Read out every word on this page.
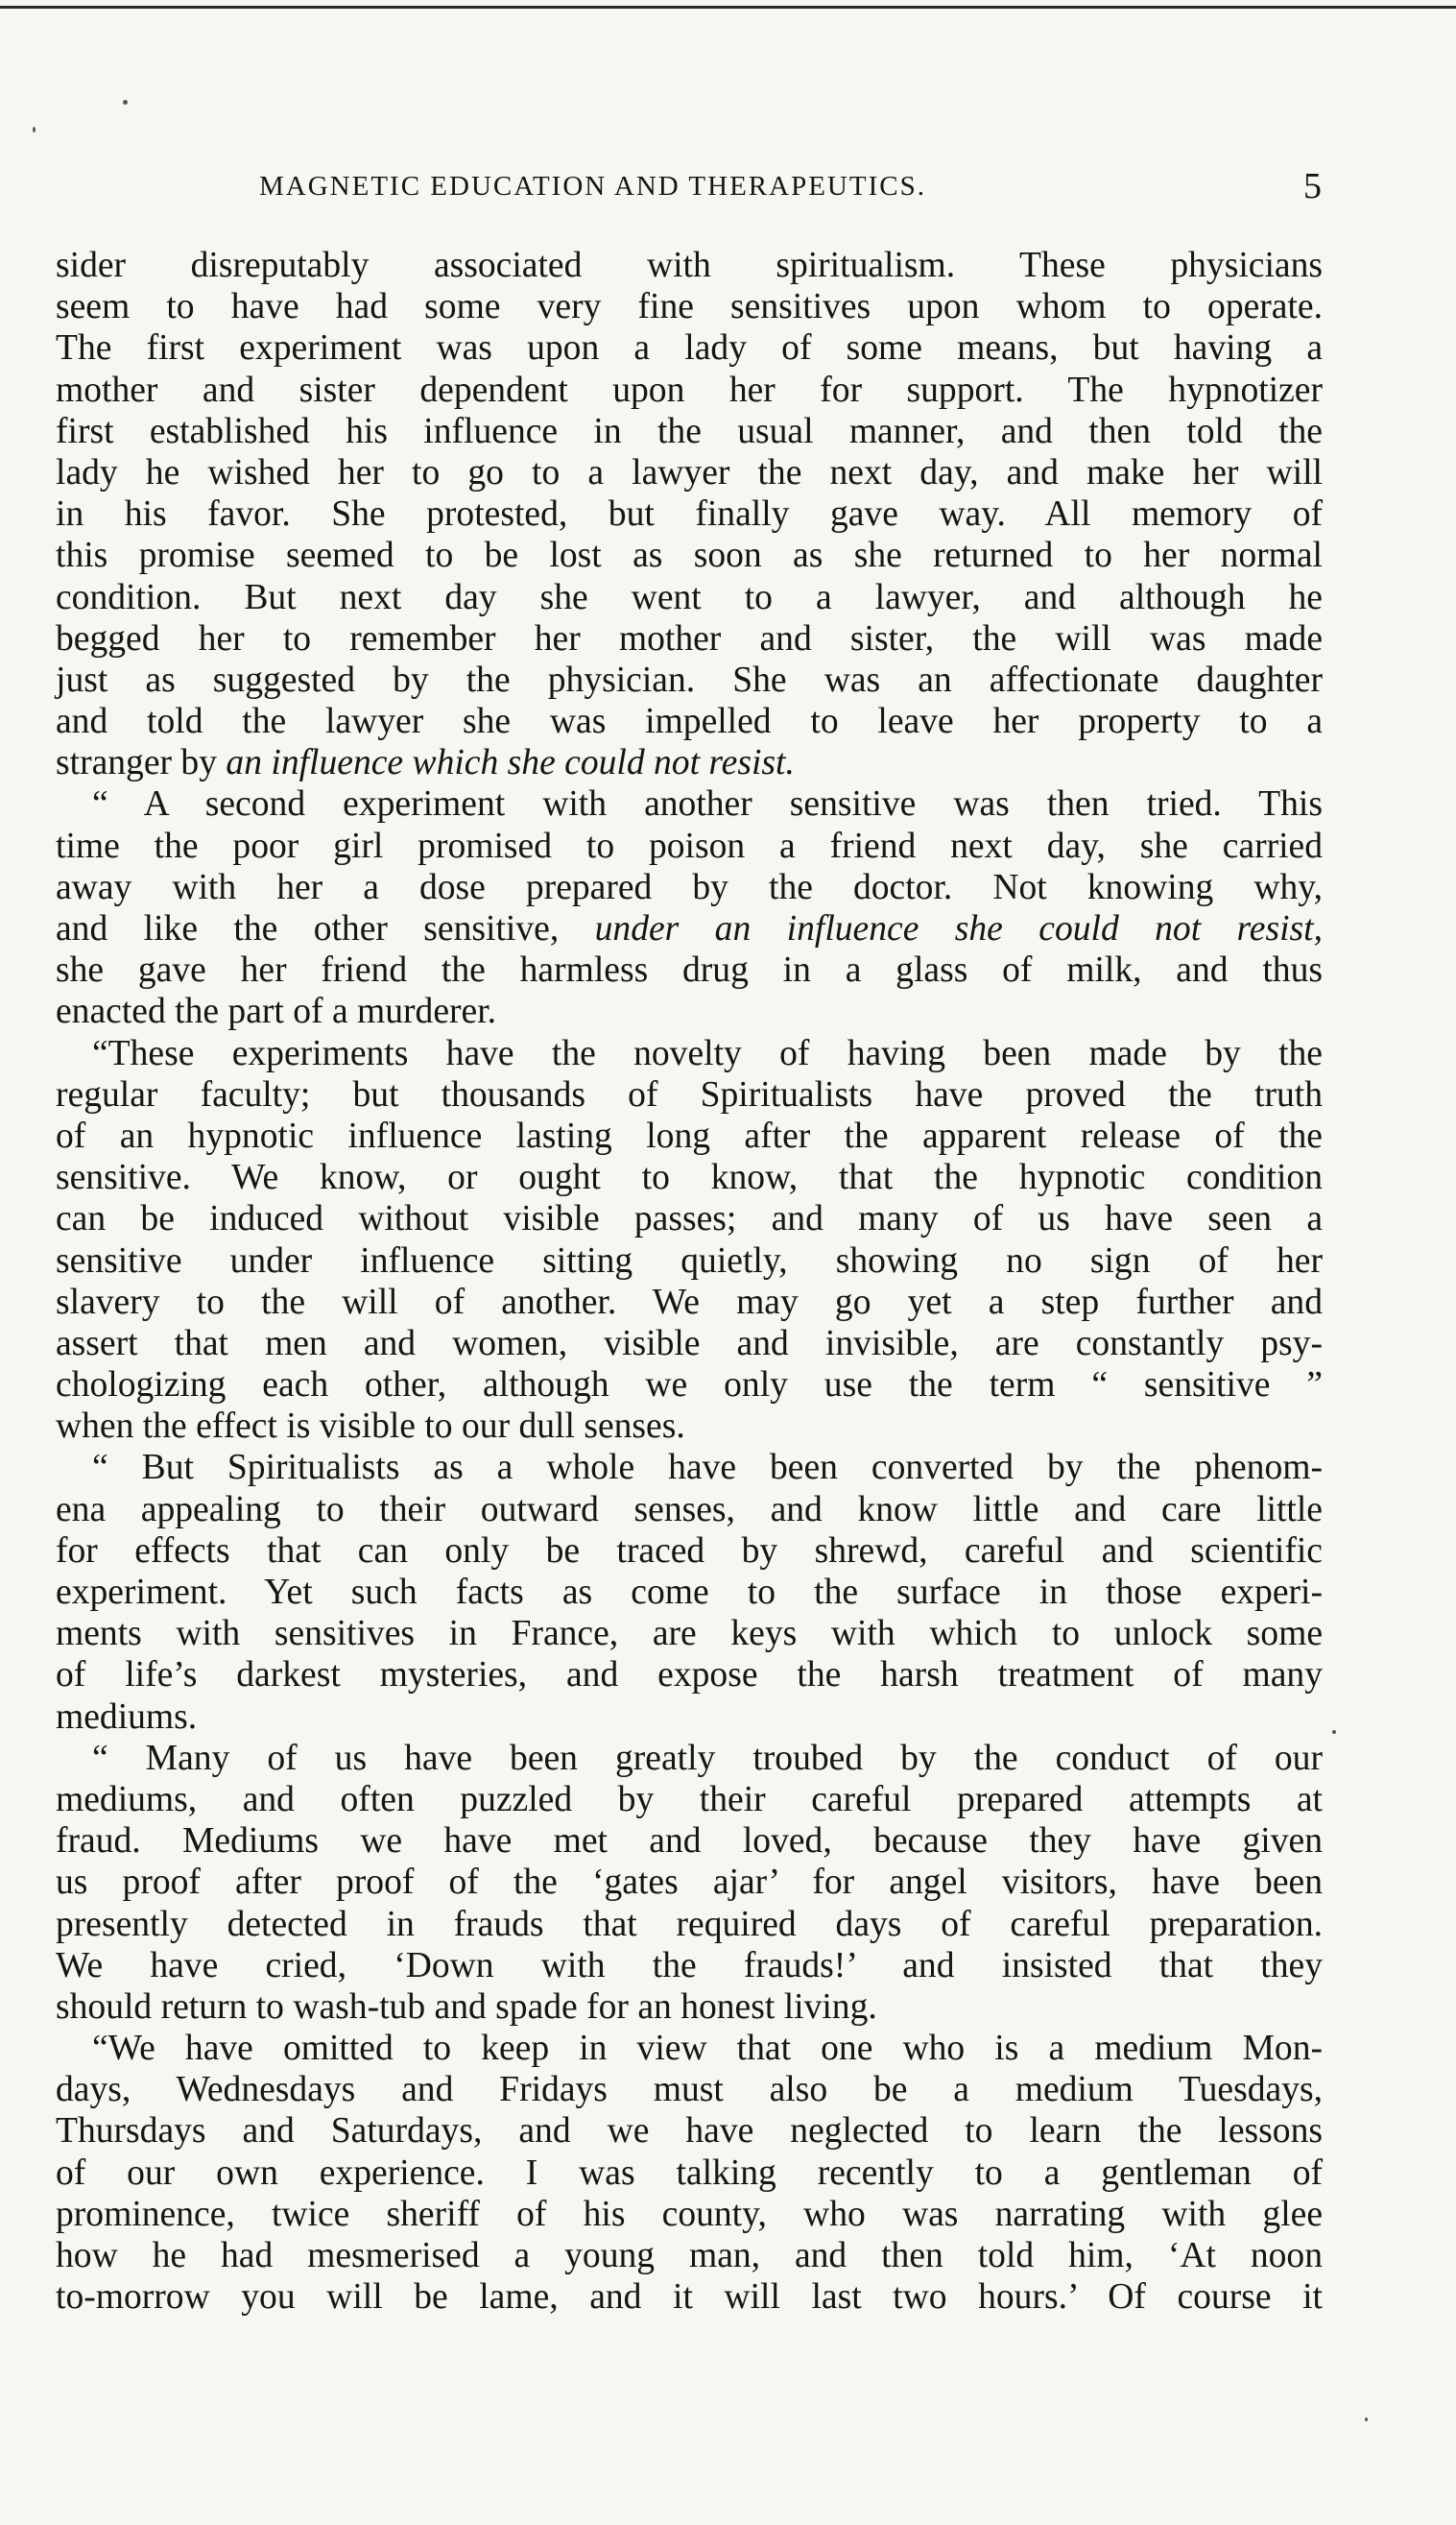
MAGNETIC EDUCATION AND THERAPEUTICS.	5
sider disreputably associated with spiritualism. These physicians
seem to have had some very fine sensitives upon whom to operate.
The first experiment was upon a lady of some means, but having a
mother and sister dependent upon her for support. The hypnotizer
first established his influence in the usual manner, and then told the
lady he wished her to go to a lawyer the next day, and make her will
in his favor. She protested, but finally gave way. All memory of
this promise seemed to be lost as soon as she returned to her normal
condition. But next day she went to a lawyer, and although he
begged her to remember her mother and sister, the will was made
just as suggested by the physician. She was an affectionate daughter
and told the lawyer she was impelled to leave her property to a
stranger by an influence which she could not resist.
“ A second experiment with another sensitive was then tried. This
time the poor girl promised to poison a friend next day, she carried
away with her a dose prepared by the doctor. Not knowing why,
and like the other sensitive, under an influence she could not resist,
she gave her friend the harmless drug in a glass of milk, and thus
enacted the part of a murderer.
“These experiments have the novelty of having been made by the
regular faculty; but thousands of Spiritualists have proved the truth
of an hypnotic influence lasting long after the apparent release of the
sensitive. We know, or ought to know, that the hypnotic condition
can be induced without visible passes; and many of us have seen a
sensitive under influence sitting quietly, showing no sign of her
slavery to the will of another. We may go yet a step further and
assert that men and women, visible and invisible, are constantly psy-
chologizing each other, although we only use the term “ sensitive ”
when the effect is visible to our dull senses.
“ But Spiritualists as a whole have been converted by the phenom-
ena appealing to their outward senses, and know little and care little
for effects that can only be traced by shrewd, careful and scientific
experiment. Yet such facts as come to the surface in those experi-
ments with sensitives in France, are keys with which to unlock some
of life’s darkest mysteries, and expose the harsh treatment of many
mediums.
“ Many of us have been greatly troubed by the conduct of our
mediums, and often puzzled by their careful prepared attempts at
fraud. Mediums we have met and loved, because they have given
us proof after proof of the ‘gates ajar’ for angel visitors, have been
presently detected in frauds that required days of careful preparation.
We have cried, ‘Down with the frauds!’ and insisted that they
should return to wash-tub and spade for an honest living.
“We have omitted to keep in view that one who is a medium Mon-
days, Wednesdays and Fridays must also be a medium Tuesdays,
Thursdays and Saturdays, and we have neglected to learn the lessons
of our own experience. I was talking recently to a gentleman of
prominence, twice sheriff of his county, who was narrating with glee
how he had mesmerised a young man, and then told him, ‘At noon
to-morrow you will be lame, and it will last two hours.’ Of course it
